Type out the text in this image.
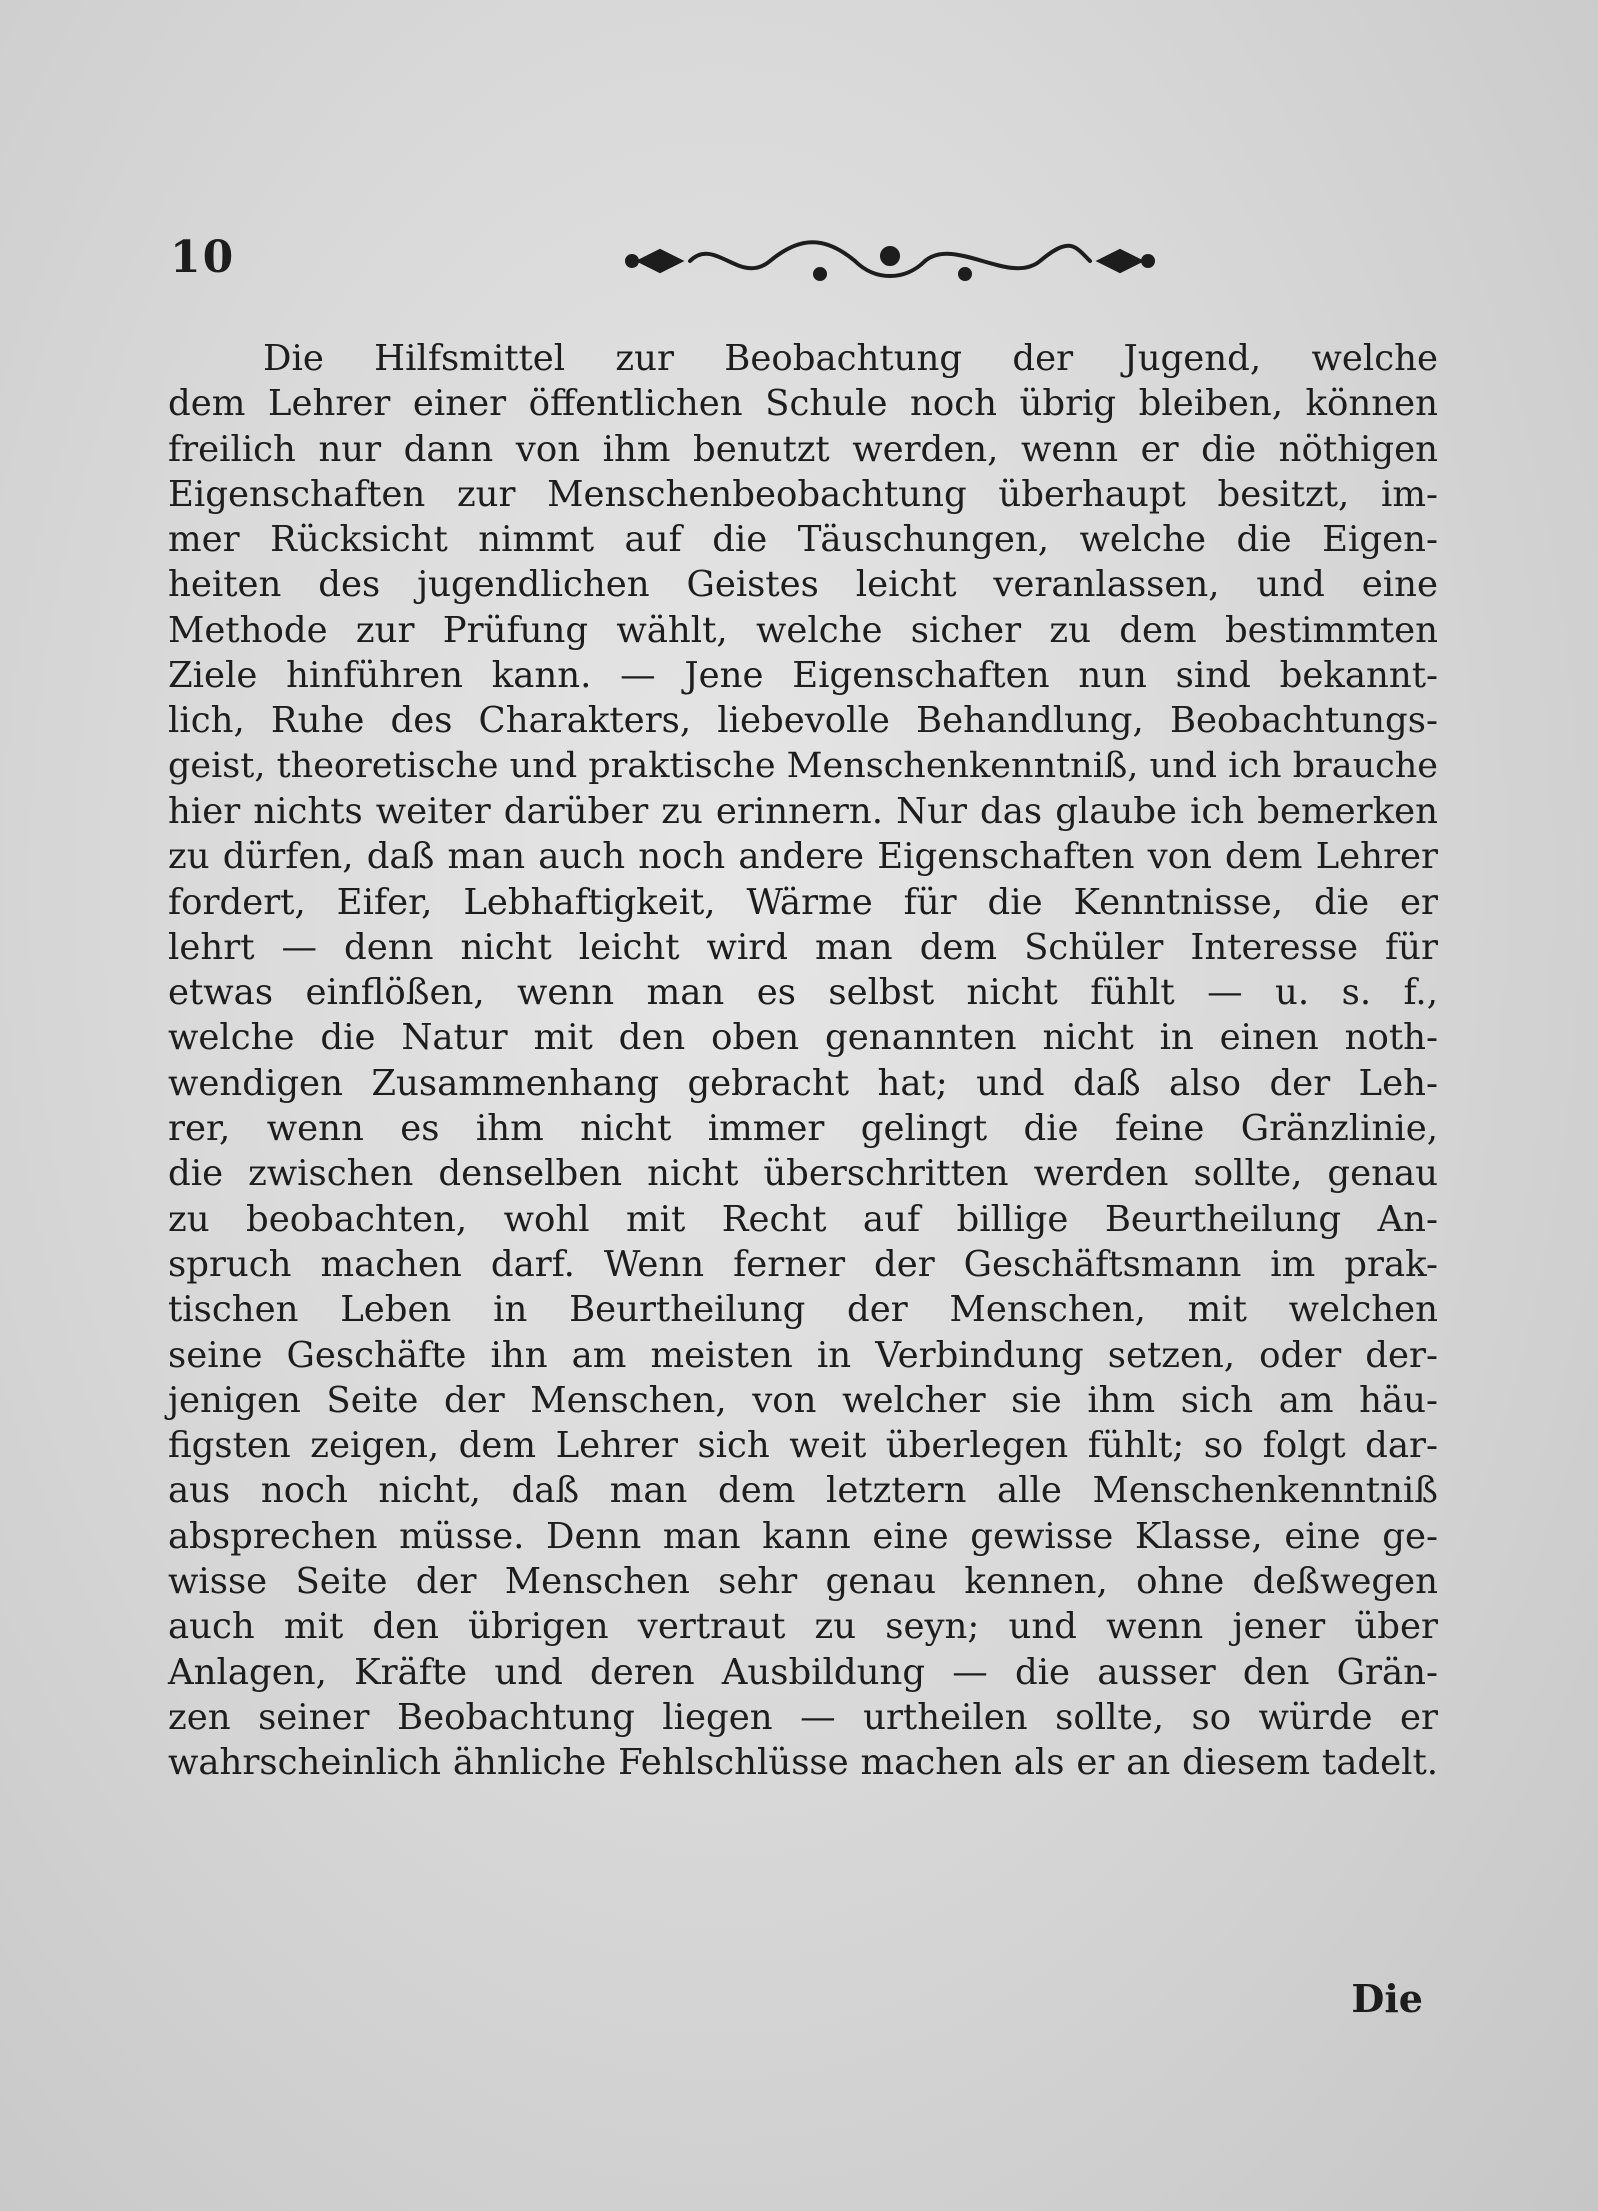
10
Die Hilfsmittel zur Beobachtung der Jugend, welche
dem Lehrer einer öffentlichen Schule noch übrig bleiben, können
freilich nur dann von ihm benutzt werden, wenn er die nöthigen
Eigenschaften zur Menschenbeobachtung überhaupt besitzt, im-
mer Rücksicht nimmt auf die Täuschungen, welche die Eigen-
heiten des jugendlichen Geistes leicht veranlassen, und eine
Methode zur Prüfung wählt, welche sicher zu dem bestimmten
Ziele hinführen kann. — Jene Eigenschaften nun sind bekannt-
lich, Ruhe des Charakters, liebevolle Behandlung, Beobachtungs-
geist, theoretische und praktische Menschenkenntniß, und ich brauche
hier nichts weiter darüber zu erinnern. Nur das glaube ich bemerken
zu dürfen, daß man auch noch andere Eigenschaften von dem Lehrer
fordert, Eifer, Lebhaftigkeit, Wärme für die Kenntnisse, die er
lehrt — denn nicht leicht wird man dem Schüler Interesse für
etwas einflößen, wenn man es selbst nicht fühlt — u. s. f.,
welche die Natur mit den oben genannten nicht in einen noth-
wendigen Zusammenhang gebracht hat; und daß also der Leh-
rer, wenn es ihm nicht immer gelingt die feine Gränzlinie,
die zwischen denselben nicht überschritten werden sollte, genau
zu beobachten, wohl mit Recht auf billige Beurtheilung An-
spruch machen darf. Wenn ferner der Geschäftsmann im prak-
tischen Leben in Beurtheilung der Menschen, mit welchen
seine Geschäfte ihn am meisten in Verbindung setzen, oder der-
jenigen Seite der Menschen, von welcher sie ihm sich am häu-
figsten zeigen, dem Lehrer sich weit überlegen fühlt; so folgt dar-
aus noch nicht, daß man dem letztern alle Menschenkenntniß
absprechen müsse. Denn man kann eine gewisse Klasse, eine ge-
wisse Seite der Menschen sehr genau kennen, ohne deßwegen
auch mit den übrigen vertraut zu seyn; und wenn jener über
Anlagen, Kräfte und deren Ausbildung — die ausser den Grän-
zen seiner Beobachtung liegen — urtheilen sollte, so würde er
wahrscheinlich ähnliche Fehlschlüsse machen als er an diesem tadelt.
Die
